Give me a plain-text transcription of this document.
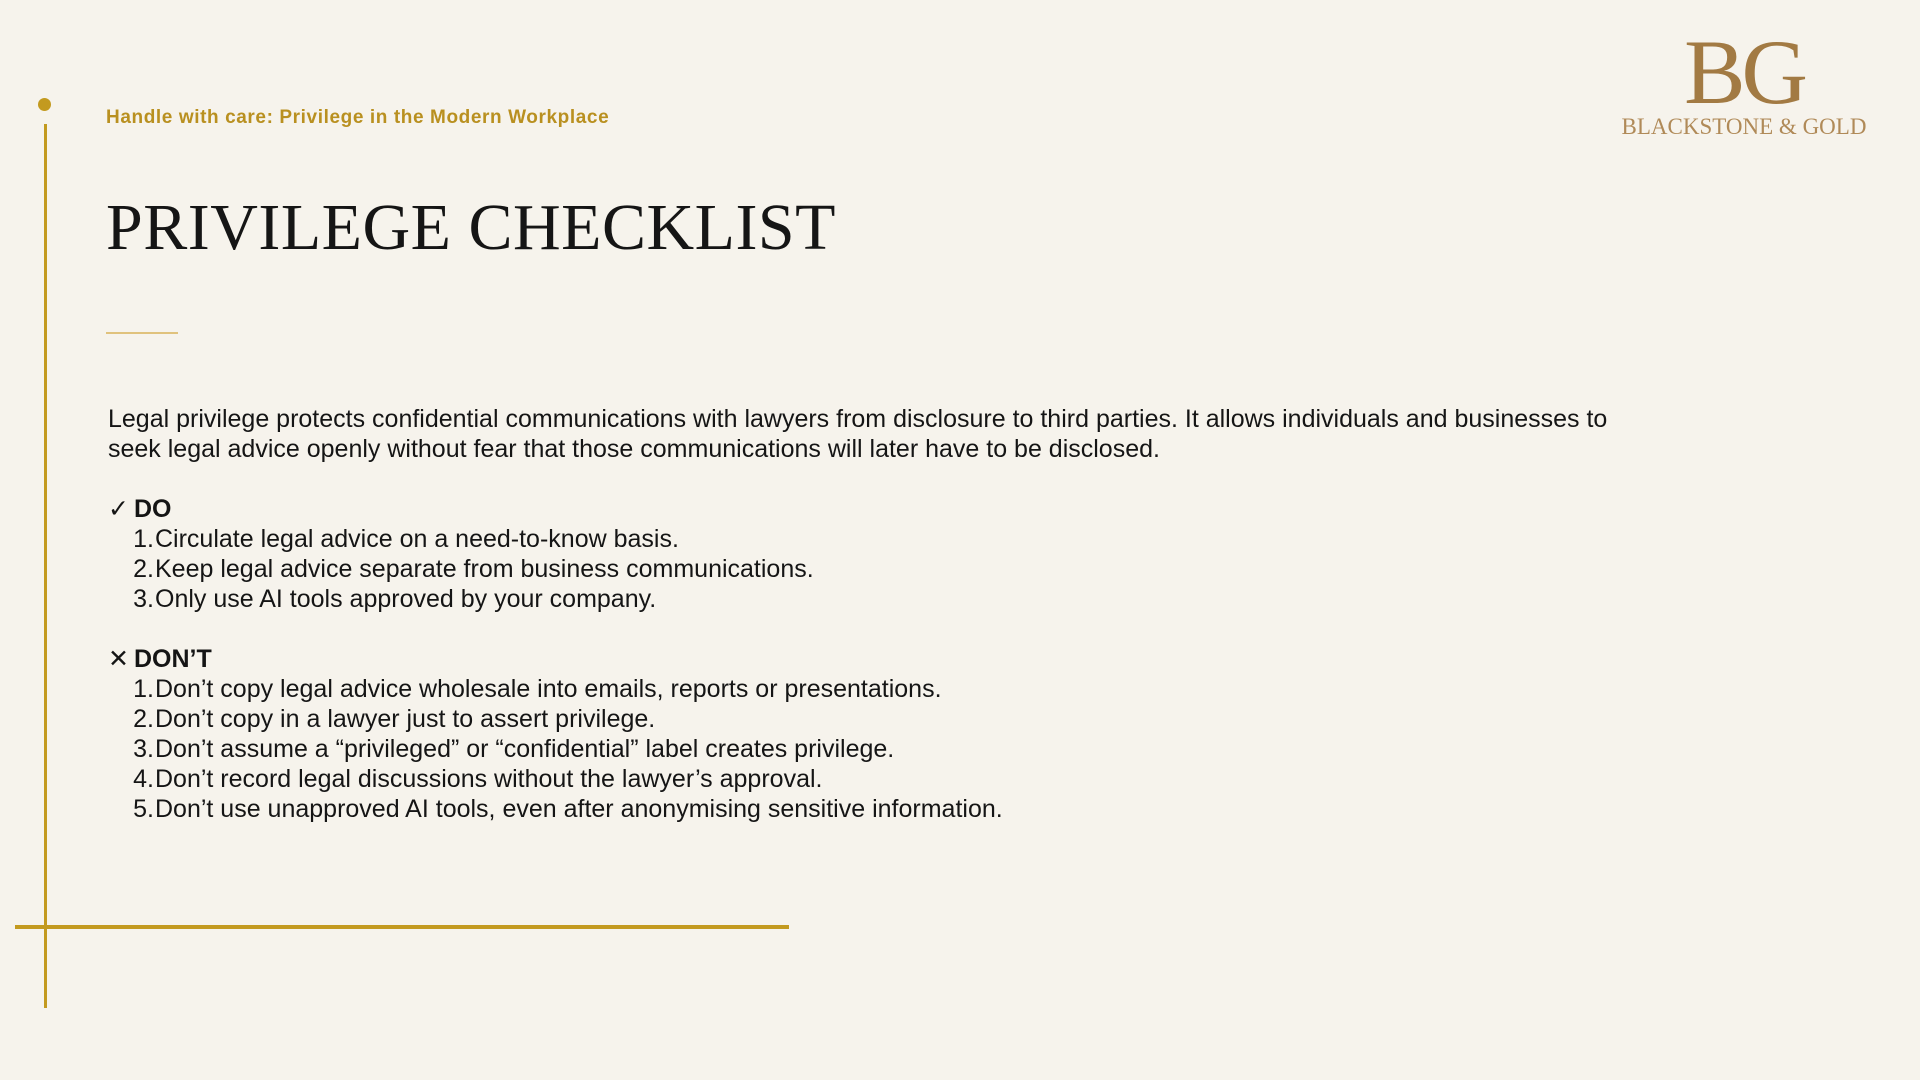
Handle with care: Privilege in the Modern Workplace	BG
BLACKSTONE & GOLD
PRIVILEGE CHECKLIST

Legal privilege protects confidential communications with lawyers from disclosure to third parties. It allows individuals and businesses to seek legal advice openly without fear that those communications will later have to be disclosed.

✓ DO
1. Circulate legal advice on a need-to-know basis.
2. Keep legal advice separate from business communications.
3. Only use AI tools approved by your company.
✕ DON’T
1. Don’t copy legal advice wholesale into emails, reports or presentations.
2. Don’t copy in a lawyer just to assert privilege.
3. Don’t assume a “privileged” or “confidential” label creates privilege.
4. Don’t record legal discussions without the lawyer’s approval.
5. Don’t use unapproved AI tools, even after anonymising sensitive information.
